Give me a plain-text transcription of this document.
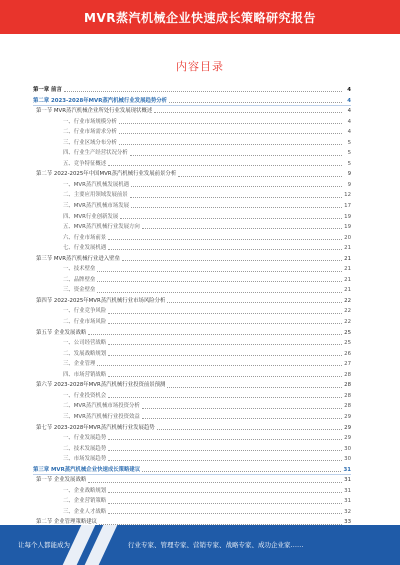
MVR蒸汽机械企业快速成长策略研究报告
内容目录
第一章 前言	4
第二章 2023-2028年MVR蒸汽机械行业发展趋势分析	4
第一节 MVR蒸汽机械企业所处行业发展现状概述	4
一、行业市场规模分析	4
二、行业市场需求分析	4
三、行业区域分布分析	5
四、行业生产经营状况分析	5
五、竞争特征概述	5
第二节 2022-2025年中国MVR蒸汽机械行业发展前景分析	9
一、MVR蒸汽机械发展机遇	9
二、主要应用领域发展前景	12
三、MVR蒸汽机械市场发展	17
四、MVR行业创新发展	19
五、MVR蒸汽机械行业发展方向	19
六、行业市场前景	20
七、行业发展机遇	21
第三节 MVR蒸汽机械行业进入壁垒	21
一、技术壁垒	21
二、品牌壁垒	21
三、资金壁垒	21
第四节 2022-2025年MVR蒸汽机械行业市场风险分析	22
一、行业竞争风险	22
二、行业市场风险	22
第五节 企业发展战略	25
一、公司经营战略	25
二、发展战略规划	26
三、企业管理	27
四、市场营销战略	28
第六节 2023-2028年MVR蒸汽机械行业投资前景预测	28
一、行业投资机会	28
二、MVR蒸汽机械市场投资分析	28
三、MVR蒸汽机械行业投资效益	29
第七节 2023-2028年MVR蒸汽机械行业发展趋势	29
一、行业发展趋势	29
二、技术发展趋势	30
三、市场发展趋势	30
第三章 MVR蒸汽机械企业快速成长策略建议	31
第一节 企业发展战略	31
一、企业战略规划	31
二、企业营销策略	31
三、企业人才战略	32
第二节 企业管理策略建议	33
让每个人都能成为	行业专家、管理专家、营销专家、战略专家、成功企业家……
